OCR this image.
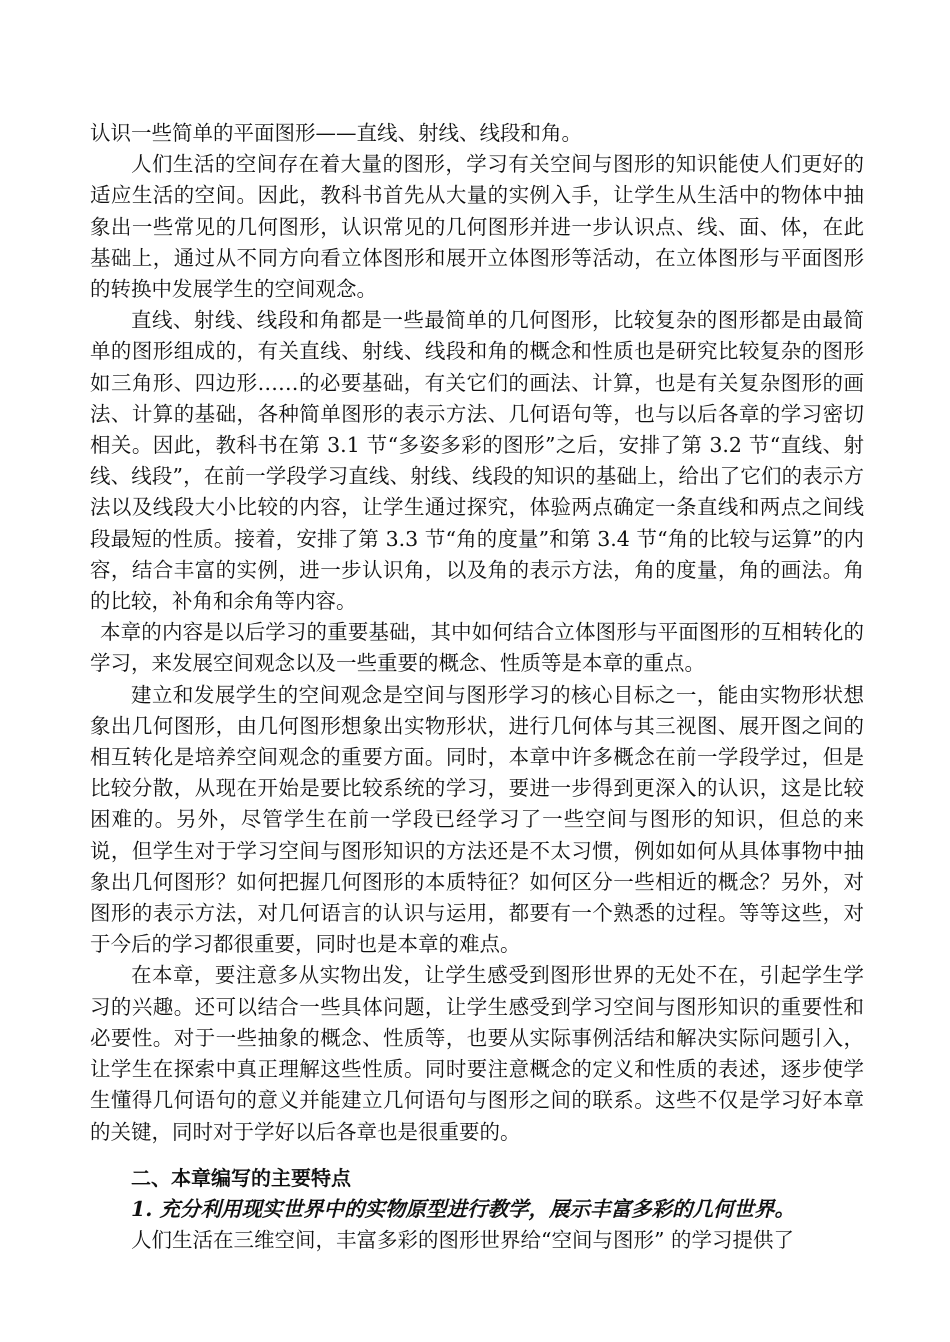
认识一些简单的平面图形——直线、射线、线段和角。

人们生活的空间存在着大量的图形，学习有关空间与图形的知识能使人们更好的适应生活的空间。因此，教科书首先从大量的实例入手，让学生从生活中的物体中抽象出一些常见的几何图形，认识常见的几何图形并进一步认识点、线、面、体，在此基础上，通过从不同方向看立体图形和展开立体图形等活动，在立体图形与平面图形的转换中发展学生的空间观念。

直线、射线、线段和角都是一些最简单的几何图形，比较复杂的图形都是由最简单的图形组成的，有关直线、射线、线段和角的概念和性质也是研究比较复杂的图形如三角形、四边形……的必要基础，有关它们的画法、计算，也是有关复杂图形的画法、计算的基础，各种简单图形的表示方法、几何语句等，也与以后各章的学习密切相关。因此，教科书在第 3.1 节“多姿多彩的图形”之后，安排了第 3.2 节“直线、射线、线段”，在前一学段学习直线、射线、线段的知识的基础上，给出了它们的表示方法以及线段大小比较的内容，让学生通过探究，体验两点确定一条直线和两点之间线段最短的性质。接着，安排了第 3.3 节“角的度量”和第 3.4 节“角的比较与运算”的内容，结合丰富的实例，进一步认识角，以及角的表示方法，角的度量，角的画法。角的比较，补角和余角等内容。

本章的内容是以后学习的重要基础，其中如何结合立体图形与平面图形的互相转化的学习，来发展空间观念以及一些重要的概念、性质等是本章的重点。

建立和发展学生的空间观念是空间与图形学习的核心目标之一，能由实物形状想象出几何图形，由几何图形想象出实物形状，进行几何体与其三视图、展开图之间的相互转化是培养空间观念的重要方面。同时，本章中许多概念在前一学段学过，但是比较分散，从现在开始是要比较系统的学习，要进一步得到更深入的认识，这是比较困难的。另外，尽管学生在前一学段已经学习了一些空间与图形的知识，但总的来说，但学生对于学习空间与图形知识的方法还是不太习惯，例如如何从具体事物中抽象出几何图形？如何把握几何图形的本质特征？如何区分一些相近的概念？另外，对图形的表示方法，对几何语言的认识与运用，都要有一个熟悉的过程。等等这些，对于今后的学习都很重要，同时也是本章的难点。

在本章，要注意多从实物出发，让学生感受到图形世界的无处不在，引起学生学习的兴趣。还可以结合一些具体问题，让学生感受到学习空间与图形知识的重要性和必要性。对于一些抽象的概念、性质等，也要从实际事例活结和解决实际问题引入，让学生在探索中真正理解这些性质。同时要注意概念的定义和性质的表述，逐步使学生懂得几何语句的意义并能建立几何语句与图形之间的联系。这些不仅是学习好本章的关键，同时对于学好以后各章也是很重要的。

二、本章编写的主要特点

1. 充分利用现实世界中的实物原型进行教学，展示丰富多彩的几何世界。

人们生活在三维空间，丰富多彩的图形世界给“空间与图形” 的学习提供了
